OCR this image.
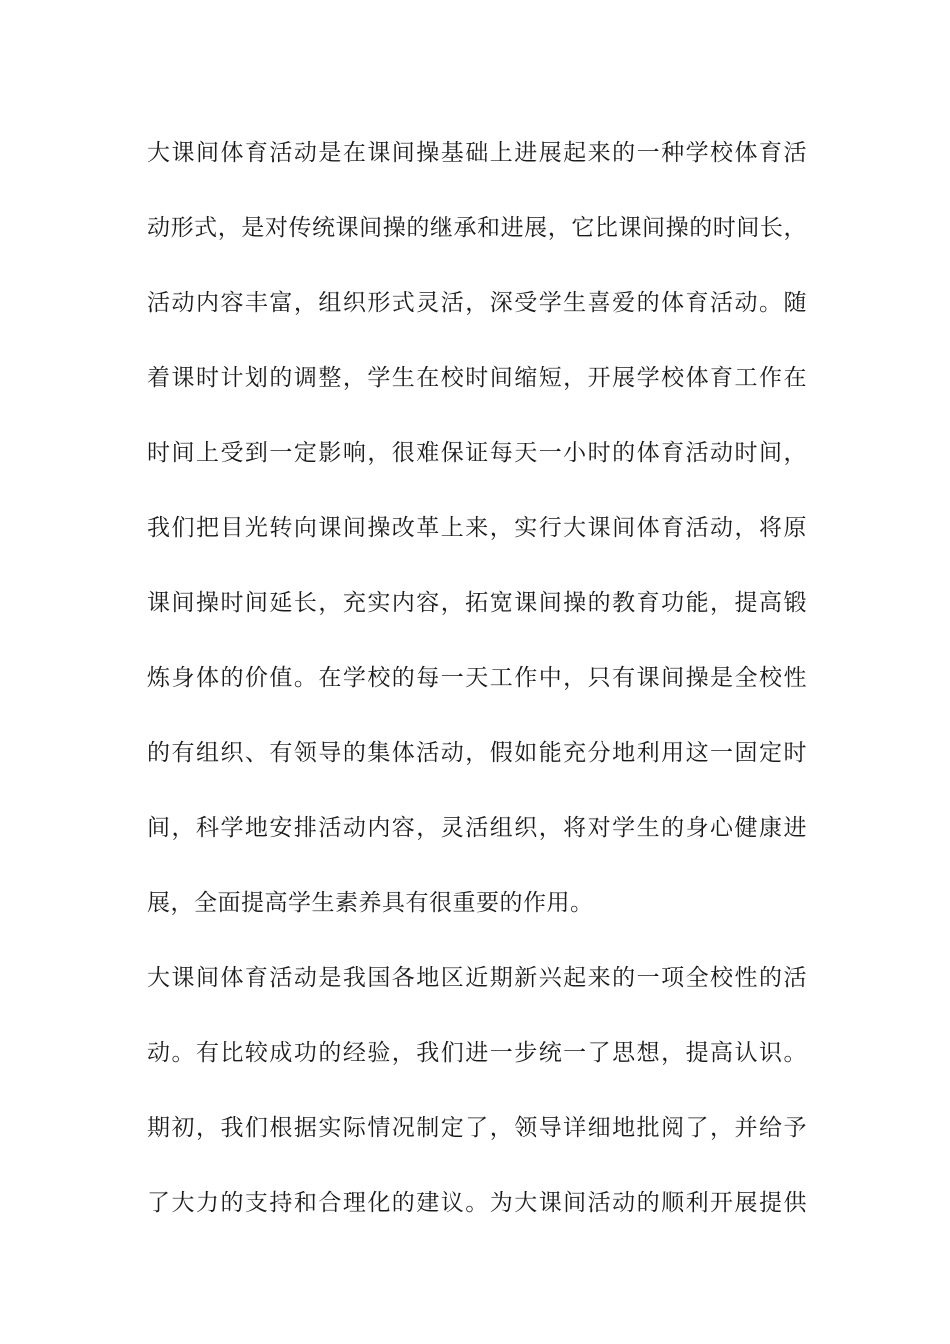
大课间体育活动是在课间操基础上进展起来的一种学校体育活
动形式，是对传统课间操的继承和进展，它比课间操的时间长，
活动内容丰富，组织形式灵活，深受学生喜爱的体育活动。随
着课时计划的调整，学生在校时间缩短，开展学校体育工作在
时间上受到一定影响，很难保证每天一小时的体育活动时间，
我们把目光转向课间操改革上来，实行大课间体育活动，将原
课间操时间延长，充实内容，拓宽课间操的教育功能，提高锻
炼身体的价值。在学校的每一天工作中，只有课间操是全校性
的有组织、有领导的集体活动，假如能充分地利用这一固定时
间，科学地安排活动内容，灵活组织，将对学生的身心健康进
展，全面提高学生素养具有很重要的作用。
大课间体育活动是我国各地区近期新兴起来的一项全校性的活
动。有比较成功的经验，我们进一步统一了思想，提高认识。
期初，我们根据实际情况制定了，领导详细地批阅了，并给予
了大力的支持和合理化的建议。为大课间活动的顺利开展提供
